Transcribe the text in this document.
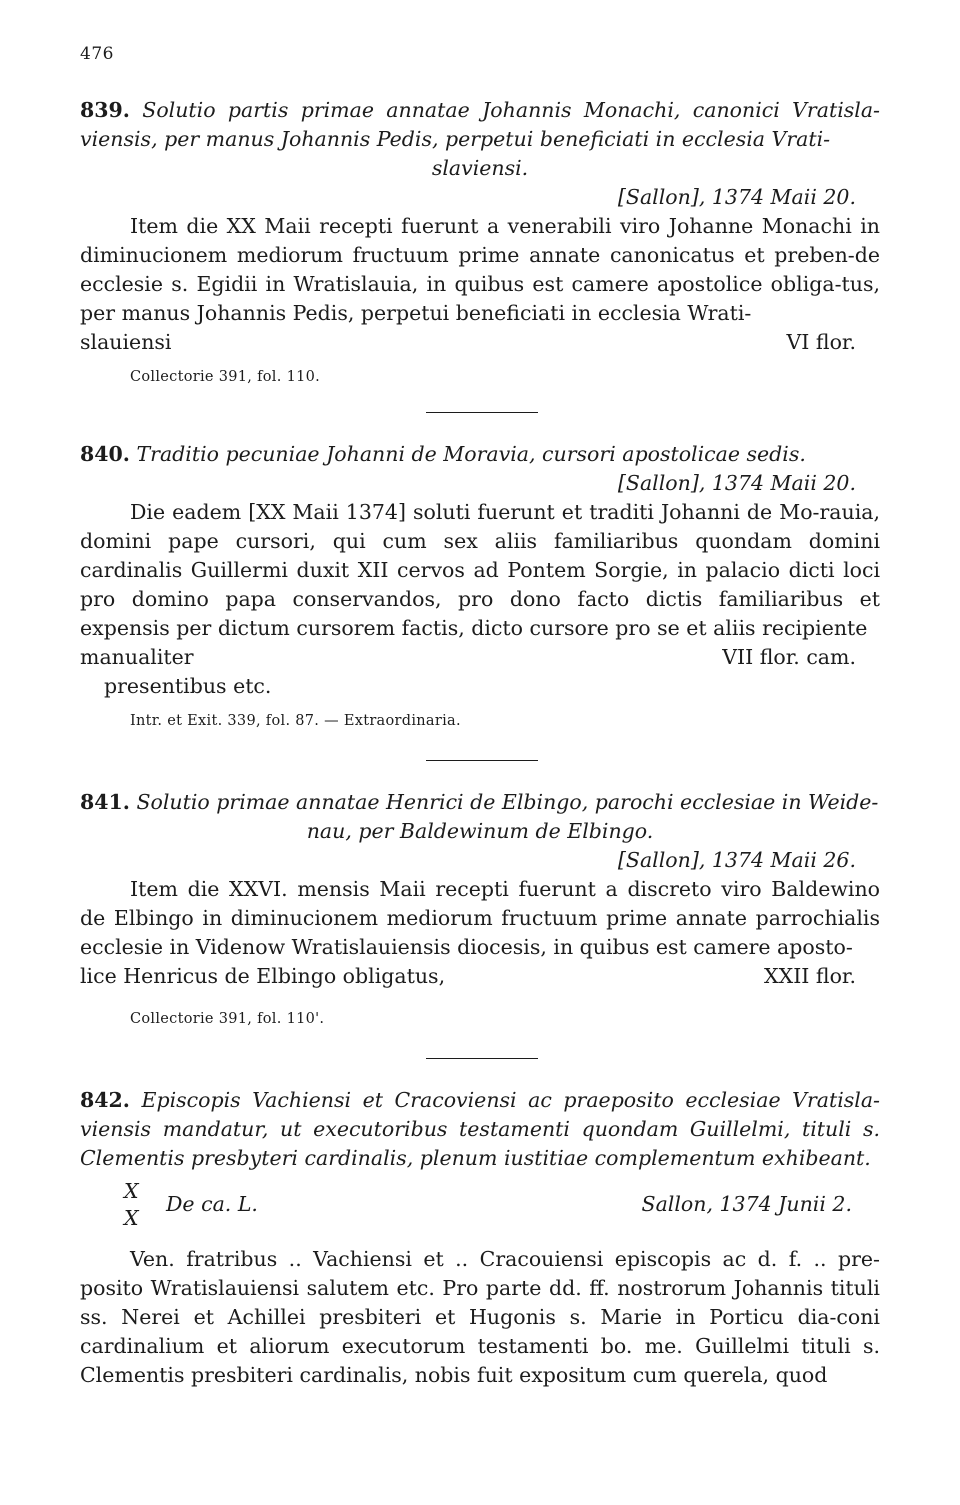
476

839. Solutio partis primae annatae Johannis Monachi, canonici Vratisla- viensis, per manus Johannis Pedis, perpetui beneficiati in ecclesia Vrati-
slaviensi.

[Sallon], 1374 Maii 20.

Item die XX Maii recepti fuerunt a venerabili viro Johanne Monachi in diminucionem mediorum fructuum prime annate canonicatus et preben-de ecclesie s. Egidii in Wratislauia, in quibus est camere apostolice obliga-tus, per manus Johannis Pedis, perpetui beneficiati in ecclesia Wrati-

slauiensi	VI flor.
Collectorie 391, fol. 110.

840. Traditio pecuniae Johanni de Moravia, cursori apostolicae sedis.

[Sallon], 1374 Maii 20.

Die eadem [XX Maii 1374] soluti fuerunt et traditi Johanni de Mo-rauia, domini pape cursori, qui cum sex aliis familiaribus quondam domini cardinalis Guillermi duxit XII cervos ad Pontem Sorgie, in palacio dicti loci pro domino papa conservandos, pro dono facto dictis familiaribus et expensis per dictum cursorem factis, dicto cursore pro se et aliis recipiente

manualiter	VII flor. cam.

presentibus etc.

Intr. et Exit. 339, fol. 87. — Extraordinaria.

841. Solutio primae annatae Henrici de Elbingo, parochi ecclesiae in Weide-
nau, per Baldewinum de Elbingo.

[Sallon], 1374 Maii 26.

Item die XXVI. mensis Maii recepti fuerunt a discreto viro Baldewino de Elbingo in diminucionem mediorum fructuum prime annate parrochialis ecclesie in Videnow Wratislauiensis diocesis, in quibus est camere aposto-

lice Henricus de Elbingo obligatus,	XXII flor.
Collectorie 391, fol. 110'.

842. Episcopis Vachiensi et Cracoviensi ac praeposito ecclesiae Vratisla-viensis mandatur, ut executoribus testamenti quondam Guillelmi, tituli s. Clementis presbyteri cardinalis, plenum iustitiae complementum exhibeant.

X
X
De ca. L.	Sallon, 1374 Junii 2.

Ven. fratribus .. Vachiensi et .. Cracouiensi episcopis ac d. f. .. pre-posito Wratislauiensi salutem etc. Pro parte dd. ff. nostrorum Johannis tituli ss. Nerei et Achillei presbiteri et Hugonis s. Marie in Porticu dia-coni cardinalium et aliorum executorum testamenti bo. me. Guillelmi tituli s. Clementis presbiteri cardinalis, nobis fuit expositum cum querela, quod
